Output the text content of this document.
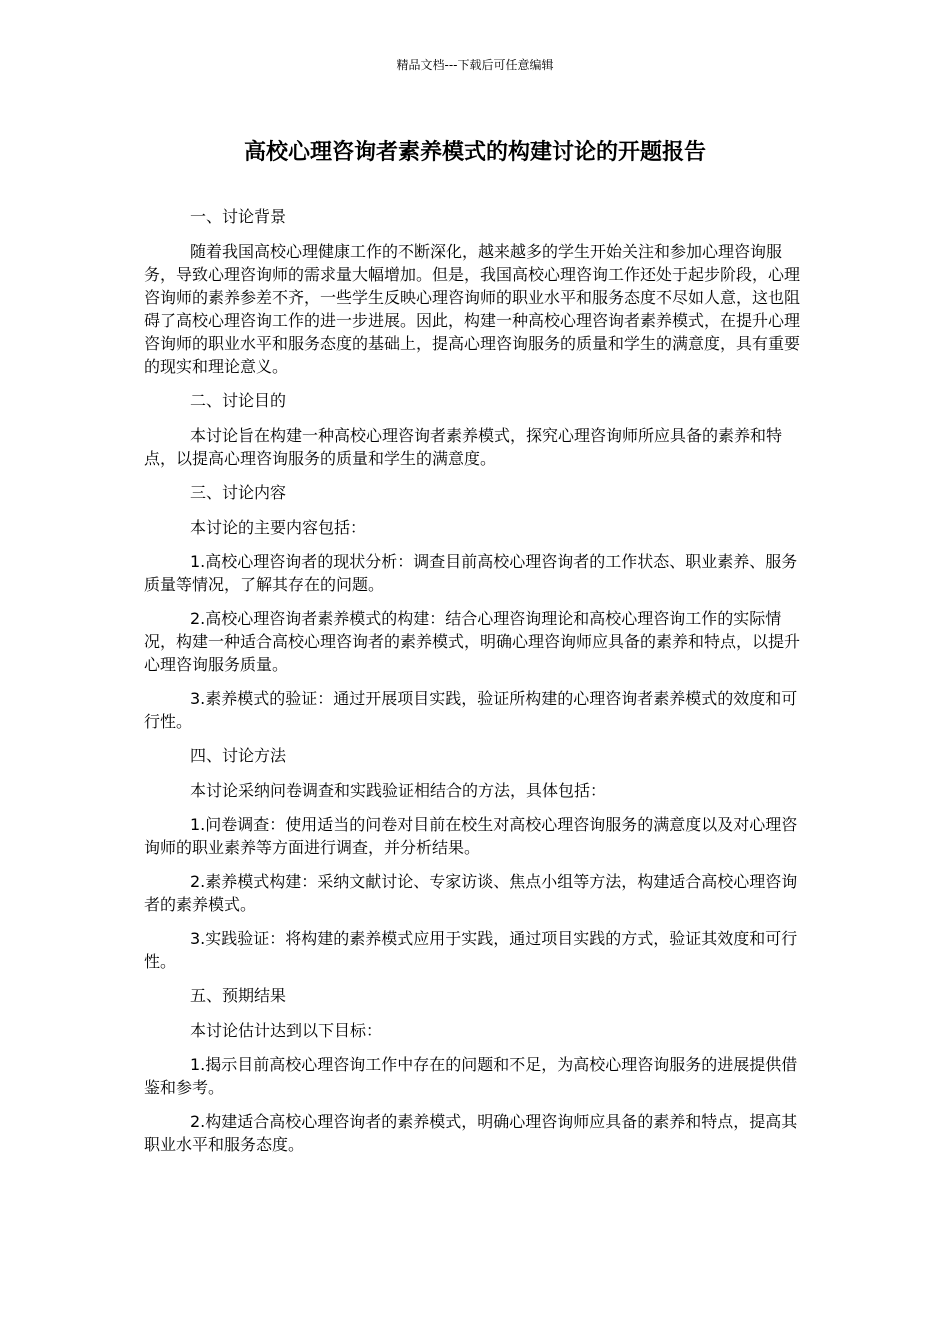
精品文档---下载后可任意编辑
高校心理咨询者素养模式的构建讨论的开题报告

一、讨论背景

随着我国高校心理健康工作的不断深化，越来越多的学生开始关注和参加心理咨询服务，导致心理咨询师的需求量大幅增加。但是，我国高校心理咨询工作还处于起步阶段，心理咨询师的素养参差不齐，一些学生反映心理咨询师的职业水平和服务态度不尽如人意，这也阻碍了高校心理咨询工作的进一步进展。因此，构建一种高校心理咨询者素养模式，在提升心理咨询师的职业水平和服务态度的基础上，提高心理咨询服务的质量和学生的满意度，具有重要的现实和理论意义。

二、讨论目的

本讨论旨在构建一种高校心理咨询者素养模式，探究心理咨询师所应具备的素养和特点，以提高心理咨询服务的质量和学生的满意度。

三、讨论内容

本讨论的主要内容包括：

1.高校心理咨询者的现状分析：调查目前高校心理咨询者的工作状态、职业素养、服务质量等情况，了解其存在的问题。

2.高校心理咨询者素养模式的构建：结合心理咨询理论和高校心理咨询工作的实际情况，构建一种适合高校心理咨询者的素养模式，明确心理咨询师应具备的素养和特点，以提升心理咨询服务质量。

3.素养模式的验证：通过开展项目实践，验证所构建的心理咨询者素养模式的效度和可行性。

四、讨论方法

本讨论采纳问卷调查和实践验证相结合的方法，具体包括：

1.问卷调查：使用适当的问卷对目前在校生对高校心理咨询服务的满意度以及对心理咨询师的职业素养等方面进行调查，并分析结果。

2.素养模式构建：采纳文献讨论、专家访谈、焦点小组等方法，构建适合高校心理咨询者的素养模式。

3.实践验证：将构建的素养模式应用于实践，通过项目实践的方式，验证其效度和可行性。

五、预期结果

本讨论估计达到以下目标：

1.揭示目前高校心理咨询工作中存在的问题和不足，为高校心理咨询服务的进展提供借鉴和参考。

2.构建适合高校心理咨询者的素养模式，明确心理咨询师应具备的素养和特点，提高其职业水平和服务态度。
